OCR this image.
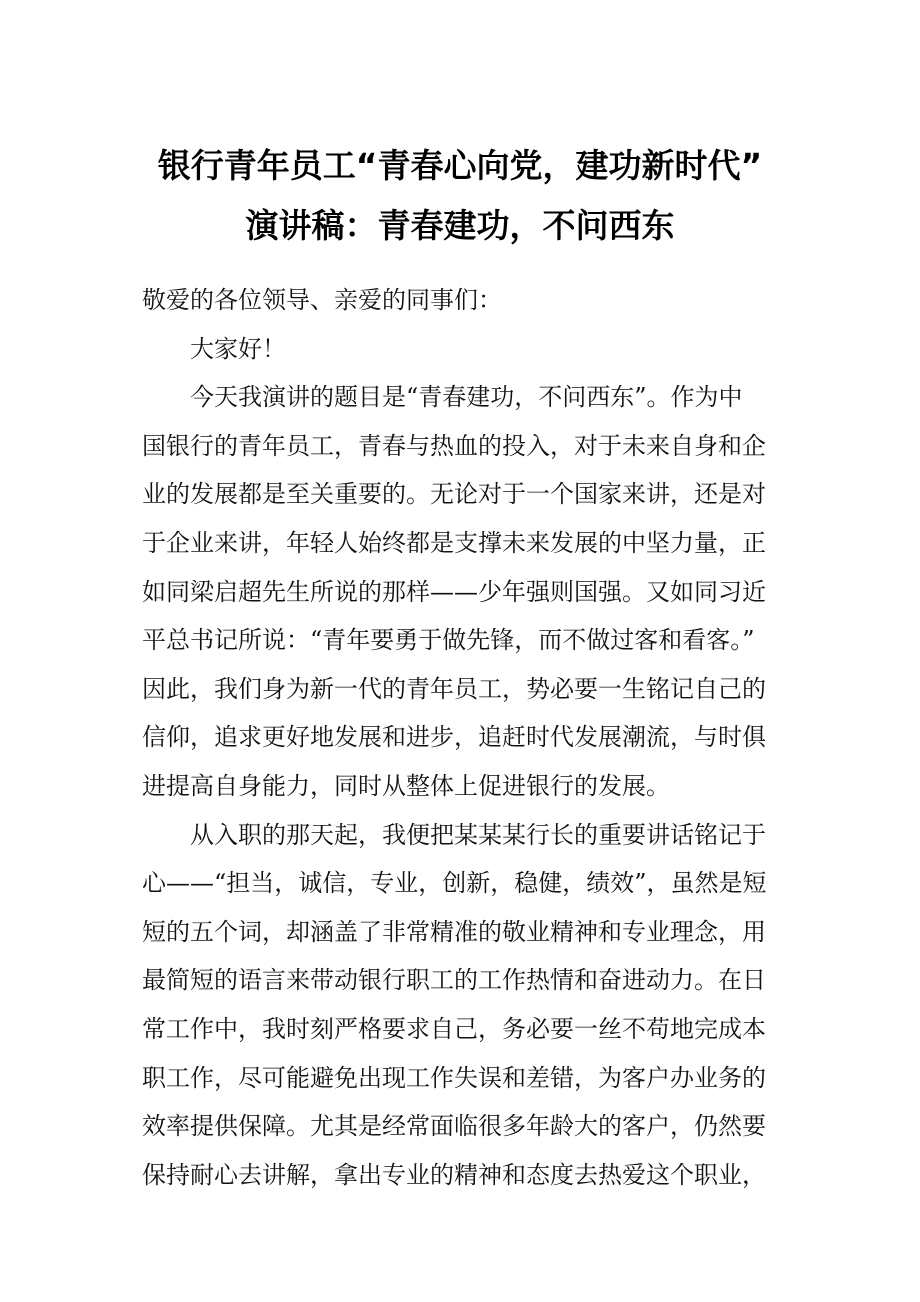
银行青年员工“青春心向党，建功新时代”
演讲稿：青春建功，不问西东
敬爱的各位领导、亲爱的同事们：
大家好！
今天我演讲的题目是“青春建功，不问西东”。作为中
国银行的青年员工，青春与热血的投入，对于未来自身和企
业的发展都是至关重要的。无论对于一个国家来讲，还是对
于企业来讲，年轻人始终都是支撑未来发展的中坚力量，正
如同梁启超先生所说的那样——少年强则国强。又如同习近
平总书记所说：“青年要勇于做先锋，而不做过客和看客。”
因此，我们身为新一代的青年员工，势必要一生铭记自己的
信仰，追求更好地发展和进步，追赶时代发展潮流，与时俱
进提高自身能力，同时从整体上促进银行的发展。
从入职的那天起，我便把某某某行长的重要讲话铭记于
心——“担当，诚信，专业，创新，稳健，绩效”，虽然是短
短的五个词，却涵盖了非常精准的敬业精神和专业理念，用
最简短的语言来带动银行职工的工作热情和奋进动力。在日
常工作中，我时刻严格要求自己，务必要一丝不苟地完成本
职工作，尽可能避免出现工作失误和差错，为客户办业务的
效率提供保障。尤其是经常面临很多年龄大的客户，仍然要
保持耐心去讲解，拿出专业的精神和态度去热爱这个职业，
